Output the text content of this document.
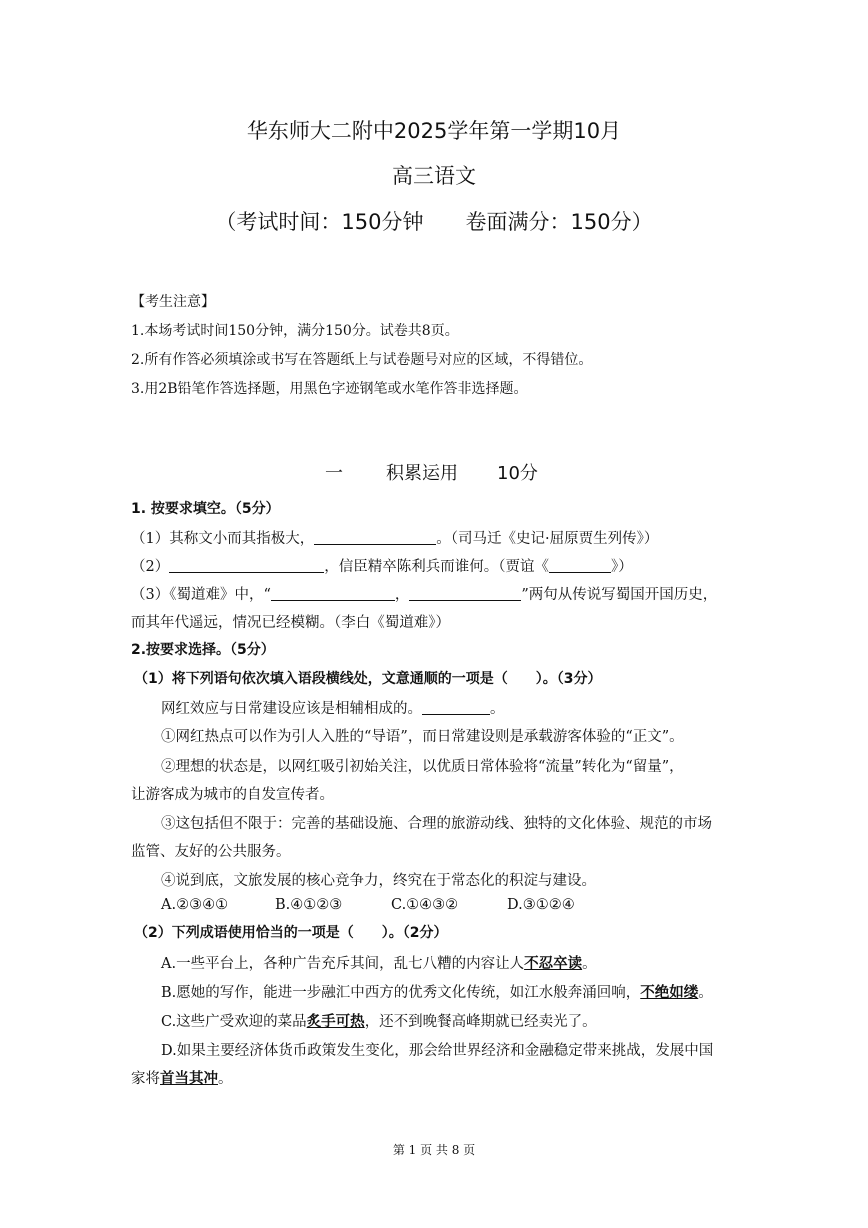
华东师大二附中2025学年第一学期10月
高三语文
（考试时间：150分钟　　卷面满分：150分）
【考生注意】
1.本场考试时间150分钟，满分150分。试卷共8页。
2.所有作答必须填涂或书写在答题纸上与试卷题号对应的区域，不得错位。
3.用2B铅笔作答选择题，用黑色字迹钢笔或水笔作答非选择题。
一 积累运用 10分
1. 按要求填空。（5分）
（1）其称文小而其指极大，	。（司马迁《史记·屈原贾生列传》）
（2）	，信臣精卒陈利兵而谁何。（贾谊《	》）
（3）《蜀道难》中，“	，	”两句从传说写蜀国开国历史，
而其年代遥远，情况已经模糊。（李白《蜀道难》）
2.按要求选择。（5分）
（1）将下列语句依次填入语段横线处，文意通顺的一项是（　　）。（3分）
网红效应与日常建设应该是相辅相成的。	。
①网红热点可以作为引人入胜的“导语”，而日常建设则是承载游客体验的“正文”。
②理想的状态是，以网红吸引初始关注，以优质日常体验将“流量”转化为“留量”，
让游客成为城市的自发宣传者。
③这包括但不限于：完善的基础设施、合理的旅游动线、独特的文化体验、规范的市场
监管、友好的公共服务。
④说到底，文旅发展的核心竞争力，终究在于常态化的积淀与建设。
A.②③④①	B.④①②③	C.①④③②	D.③①②④
（2）下列成语使用恰当的一项是（　　）。（2分）
A.一些平台上，各种广告充斥其间，乱七八糟的内容让人不忍卒读。
B.愿她的写作，能进一步融汇中西方的优秀文化传统，如江水般奔涌回响，不绝如缕。
C.这些广受欢迎的菜品炙手可热，还不到晚餐高峰期就已经卖光了。
D.如果主要经济体货币政策发生变化，那会给世界经济和金融稳定带来挑战，发展中国
家将首当其冲。
第 1 页 共 8 页
